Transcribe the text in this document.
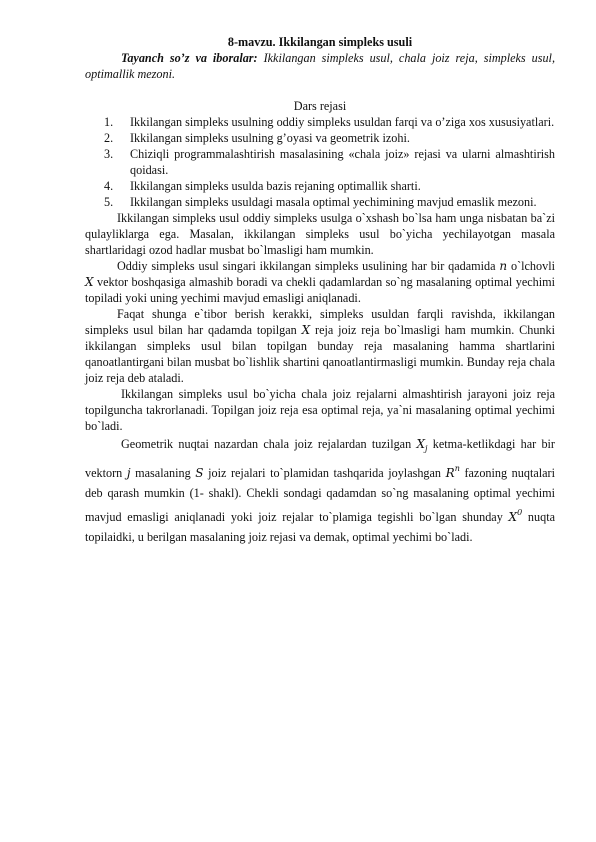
8-mavzu. Ikkilangan simpleks usuli

Tayanch so’z va iboralar: Ikkilangan simpleks usul, chala joiz reja, simpleks usul, optimallik mezoni.

Dars rejasi
1. Ikkilangan simpleks usulning oddiy simpleks usuldan farqi va o’ziga xos xususiyatlari.
2. Ikkilangan simpleks usulning g’oyasi va geometrik izohi.
3. Chiziqli programmalashtirish masalasining «chala joiz» rejasi va ularni almashtirish qoidasi.
4. Ikkilangan simpleks usulda bazis rejaning optimallik sharti.
5. Ikkilangan simpleks usuldagi masala optimal yechimining mavjud emaslik mezoni.

Ikkilangan simpleks usul oddiy simpleks usulga o`xshash bo`lsa ham unga nisbatan ba`zi qulayliklarga ega. Masalan, ikkilangan simpleks usul bo`yicha yechilayotgan masala shartlaridagi ozod hadlar musbat bo`lmasligi ham mumkin.

Oddiy simpleks usul singari ikkilangan simpleks usulining har bir qadamida n o`lchovli X vektor boshqasiga almashib boradi va chekli qadamlardan so`ng masalaning optimal yechimi topiladi yoki uning yechimi mavjud emasligi aniqlanadi.

Faqat shunga e`tibor berish kerakki, simpleks usuldan farqli ravishda, ikkilangan simpleks usul bilan har qadamda topilgan X reja joiz reja bo`lmasligi ham mumkin. Chunki ikkilangan simpleks usul bilan topilgan bunday reja masalaning hamma shartlarini qanoatlantirgani bilan musbat bo`lishlik shartini qanoatlantirmasligi mumkin. Bunday reja chala joiz reja deb ataladi.

Ikkilangan simpleks usul bo`yicha chala joiz rejalarni almashtirish jarayoni joiz reja topilguncha takrorlanadi. Topilgan joiz reja esa optimal reja, ya`ni masalaning optimal yechimi bo`ladi.

Geometrik nuqtai nazardan chala joiz rejalardan tuzilgan $X_j$ ketma-ketlikdagi har bir vektorn j masalaning S joiz rejalari to`plamidan tashqarida joylashgan $R^n$ fazoning nuqtalari deb qarash mumkin (1- shakl). Chekli sondagi qadamdan so`ng masalaning optimal yechimi mavjud emasligi aniqlanadi yoki joiz rejalar to`plamiga tegishli bo`lgan shunday $X^0$ nuqta topilaidki, u berilgan masalaning joiz rejasi va demak, optimal yechimi bo`ladi.
